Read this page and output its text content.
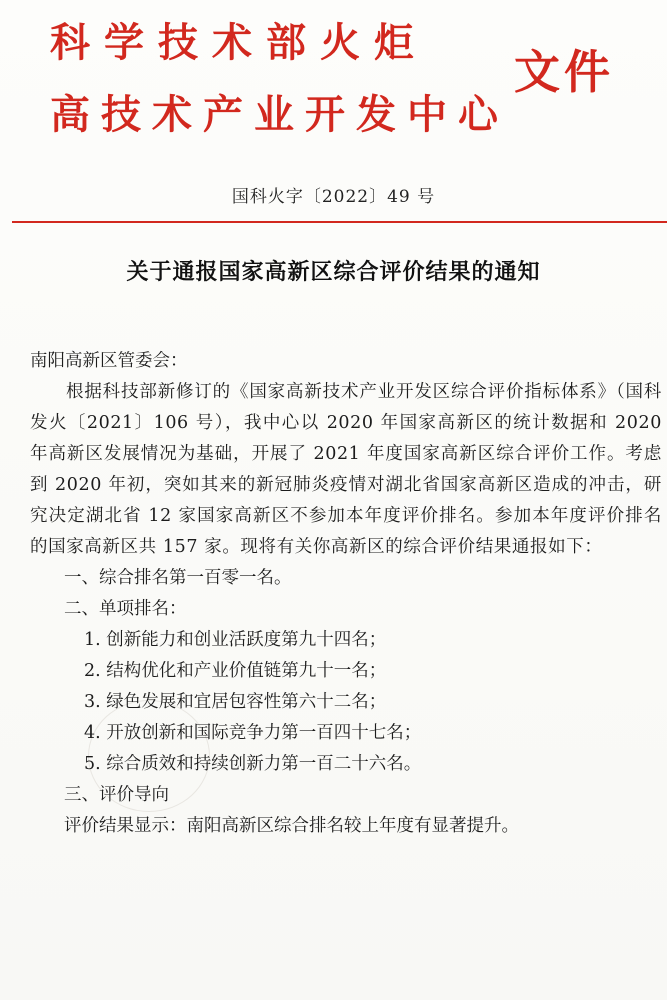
科学技术部火炬
高技术产业开发中心
文件
国科火字〔2022〕49 号
关于通报国家高新区综合评价结果的通知

南阳高新区管委会：

根据科技部新修订的《国家高新技术产业开发区综合评价指标体系》（国科发火〔2021〕106 号），我中心以 2020 年国家高新区的统计数据和 2020 年高新区发展情况为基础，开展了 2021 年度国家高新区综合评价工作。考虑到 2020 年初，突如其来的新冠肺炎疫情对湖北省国家高新区造成的冲击，研究决定湖北省 12 家国家高新区不参加本年度评价排名。参加本年度评价排名的国家高新区共 157 家。现将有关你高新区的综合评价结果通报如下：

一、综合排名第一百零一名。

二、单项排名：

1. 创新能力和创业活跃度第九十四名；

2. 结构优化和产业价值链第九十一名；

3. 绿色发展和宜居包容性第六十二名；

4. 开放创新和国际竞争力第一百四十七名；

5. 综合质效和持续创新力第一百二十六名。

三、评价导向

评价结果显示：南阳高新区综合排名较上年度有显著提升。
